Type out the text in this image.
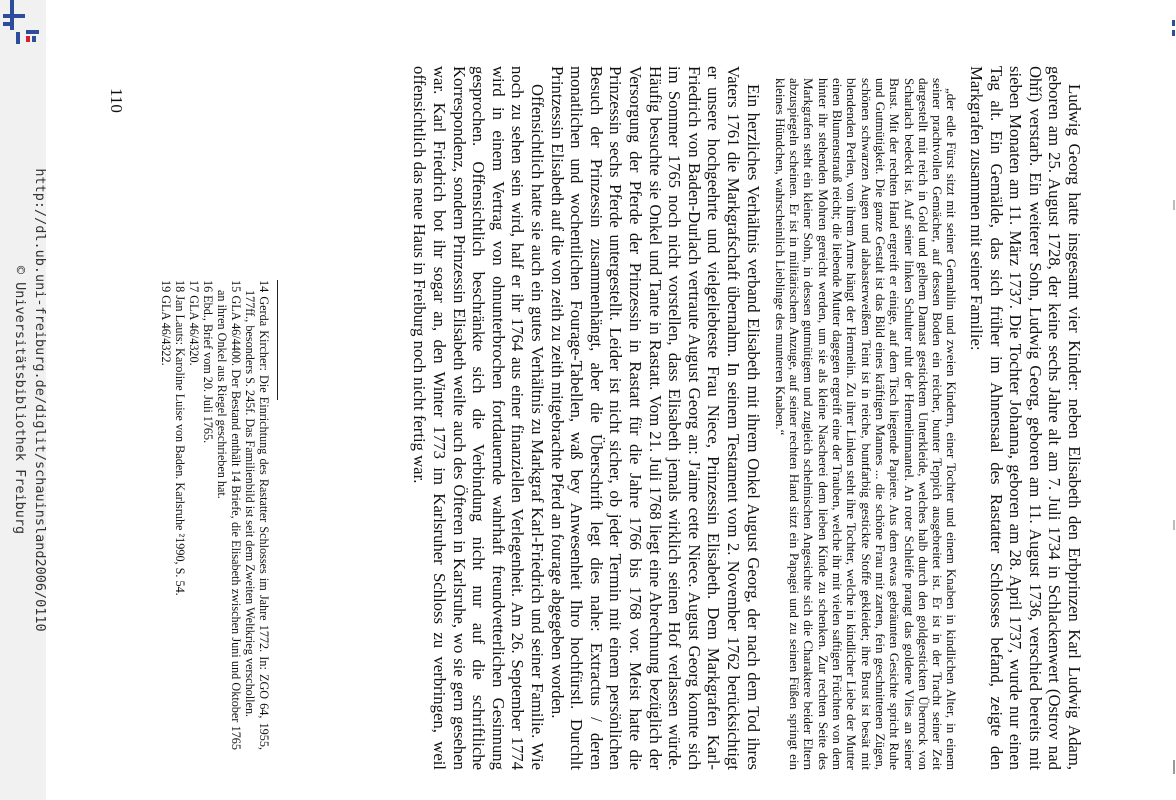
Ludwig Georg hatte insgesamt vier Kinder: neben Elisabeth den Erbprinzen Karl Ludwig Adam, geboren am 25. August 1728, der keine sechs Jahre alt am 7. Juli 1734 in Schlackenwert (Ostrov nad Ohří) verstarb. Ein weiterer Sohn, Ludwig Georg, geboren am 11. August 1736, verschied bereits mit sieben Monaten am 11. März 1737. Die Tochter Johanna, geboren am 28. April 1737, wurde nur einen Tag alt. Ein Gemälde, das sich früher im Ahnensaal des Rastatter Schlosses befand, zeigte den Markgrafen zusammen mit seiner Familie:

„der edle Fürst sitzt mit seiner Gemahlin und zweien Kindern, einer Tochter und einem Knaben in kindlichen Alter, in einem seiner prachtvollen Gemächer, auf dessen Boden ein reicher, bunter Teppich ausgebreitet ist. Er ist in der Tracht seiner Zeit dargestellt mit reich in Gold und gelbem Damast gesticktem Unterkleide, welches halb durch den goldgestickten Überrock von Scharlach bedeckt ist. Auf seiner linken Schulter ruht der Hermelinmantel. An roter Schleife prangt das goldene Vlies an seiner Brust. Mit der rechten Hand ergreift er einige, auf dem Tisch liegende Papiere. Aus dem etwas gebräunten Gesichte spricht Ruhe und Gutmütigkeit. Die ganze Gestalt ist das Bild eines kräftigen Mannes ... die schöne Frau mit zarten, fein geschnittenen Zügen, schönen schwarzen Augen und alabasterweißem Teint ist in reiche, buntfarbig gestickte Stoffe gekleidet; ihre Brust ist besät mit blendenden Perlen, von ihrem Arme hängt der Hermelin. Zu ihrer Linken steht ihre Tochter, welche in kindlicher Liebe der Mutter einen Blumenstrauß reicht; die liebende Mutter dagegen ergreift eine der Trauben, welche ihr mit vielen saftigen Früchten von dem hinter ihr stehenden Mohren gereicht werden, um sie als kleine Nascherei dem lieben Kinde zu schenken. Zur rechten Seite des Markgrafen steht ein kleiner Sohn, in dessen gutmütigem und zugleich schelmischen Angesichte sich die Charaktere beider Eltern abzuspiegeln scheinen. Er ist in militärischem Anzuge, auf seiner rechten Hand sitzt ein Papagei und zu seinen Füßen springt ein kleines Hündchen, wahrscheinlich Lieblinge des munteren Knaben.“

Ein herzliches Verhältnis verband Elisabeth mit ihrem Onkel August Georg, der nach dem Tod ihres Vaters 1761 die Markgrafschaft übernahm. In seinem Testament vom 2. November 1762 berücksichtigt er unsere hochgeehrte und vielgeliebteste Frau Niece, Prinzessin Elisabeth. Dem Markgrafen Karl-Friedrich von Baden-Durlach vertraute August Georg an: J'aime cette Niece. August Georg konnte sich im Sommer 1765 noch nicht vorstellen, dass Elisabeth jemals wirklich seinen Hof verlassen würde. Häufig besuchte sie Onkel und Tante in Rastatt. Vom 21. Juli 1768 liegt eine Abrechnung bezüglich der Versorgung der Pferde der Prinzessin in Rastatt für die Jahre 1766 bis 1768 vor. Meist hatte die Prinzessin sechs Pferde untergestellt. Leider ist nicht sicher, ob jeder Termin mit einem persönlichen Besuch der Prinzessin zusammenhängt, aber die Überschrift legt dies nahe: Extractus / deren monatlichen und wochentlichen Fourage-Tabellen, waß bey Anwesenheit Ihro hochfürstl. Durchlt Printzessin Elisabeth auf die von zeith zu zeith mitgebrachte Pferd an fourage abgegeben worden.

Offensichtlich hatte sie auch ein gutes Verhältnis zu Markgraf Karl-Friedrich und seiner Familie. Wie noch zu sehen sein wird, half er ihr 1764 aus einer finanziellen Verlegenheit. Am 26. September 1774 wird in einem Vertrag von ohnunterbrochen fortdauernde wahrhaft freundvetterlichen Gesinnung gesprochen. Offensichtlich beschränkte sich die Verbindung nicht nur auf die schriftliche Korrespondenz, sondern Prinzessin Elisabeth weilte auch des Öfteren in Karlsruhe, wo sie gern gesehen war. Karl Friedrich bot ihr sogar an, den Winter 1773 im Karlsruher Schloss zu verbringen, weil offensichtlich das neue Haus in Freiburg noch nicht fertig war.

14 Gerda Kircher: Die Einrichtung des Rastatter Schlosses im Jahre 1772. In: ZGO 64, 1955, 177ff., besonders S. 245f. Das Familienbild ist seit dem Zweiten Weltkrieg verschollen.

15 GLA 46/4400. Der Bestand enthält 14 Briefe, die Elisabeth zwischen Juni und Oktober 1765 an ihren Onkel aus Riegel geschrieben hat.

16 Ebd., Brief vom 20. Juli 1765.

17 GLA 46/4320.

18 Jan Lauts: Karoline Luise von Baden. Karlsruhe ²1990, S. 54.

19 GLA 46/4322.

110
http://dl.ub.uni-freiburg.de/diglit/schauinsland2006/0110
© Universitätsbibliothek Freiburg
